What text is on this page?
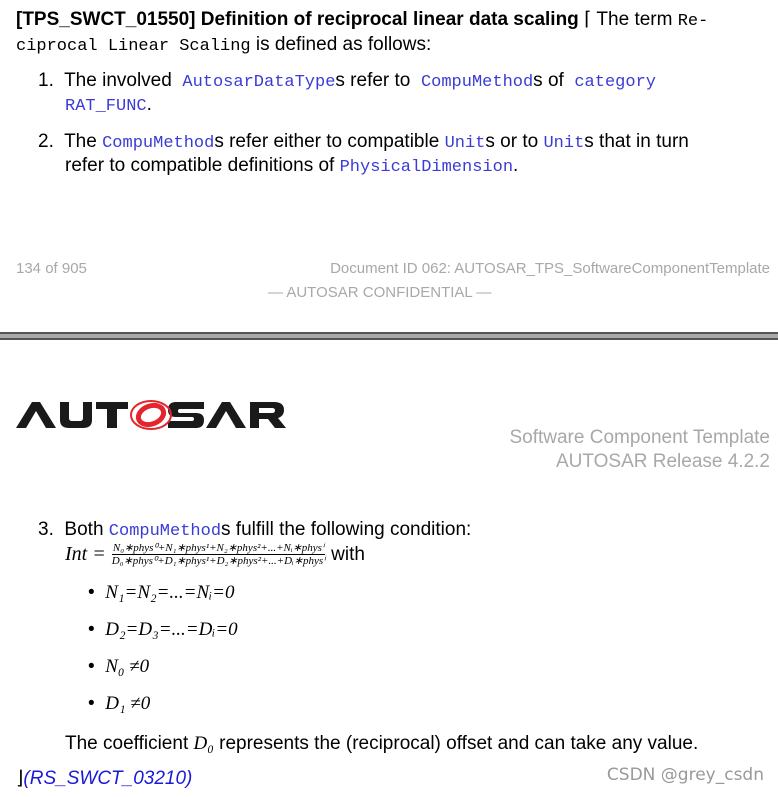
[TPS_SWCT_01550] Definition of reciprocal linear data scaling ⌈ The term Re-
ciprocal Linear Scaling is defined as follows:
1. The involved AutosarDataTypes refer to CompuMethods of category
RAT_FUNC.
2. The CompuMethods refer either to compatible Units or to Units that in turn
refer to compatible definitions of PhysicalDimension.
134 of 905	Document ID 062: AUTOSAR_TPS_SoftwareComponentTemplate
— AUTOSAR CONFIDENTIAL —
Software Component Template
AUTOSAR Release 4.2.2
3. Both CompuMethods fulfill the following condition:
Int = $\frac{\text{N₀∗phys⁰+N₁∗phys¹+N₂∗phys²+...+Nᵢ∗physⁱ}}{\text{D₀∗phys⁰+D₁∗phys¹+D₂∗phys²+...+Dᵢ∗physⁱ}}$ with
•  N₁=N₂=...=Nᵢ=0
•  D₂=D₃=...=Dᵢ=0
•  N₀ ≠0
•  D₁ ≠0
The coefficient D₀ represents the (reciprocal) offset and can take any value.
⌋(RS_SWCT_03210)	CSDN @grey_csdn
